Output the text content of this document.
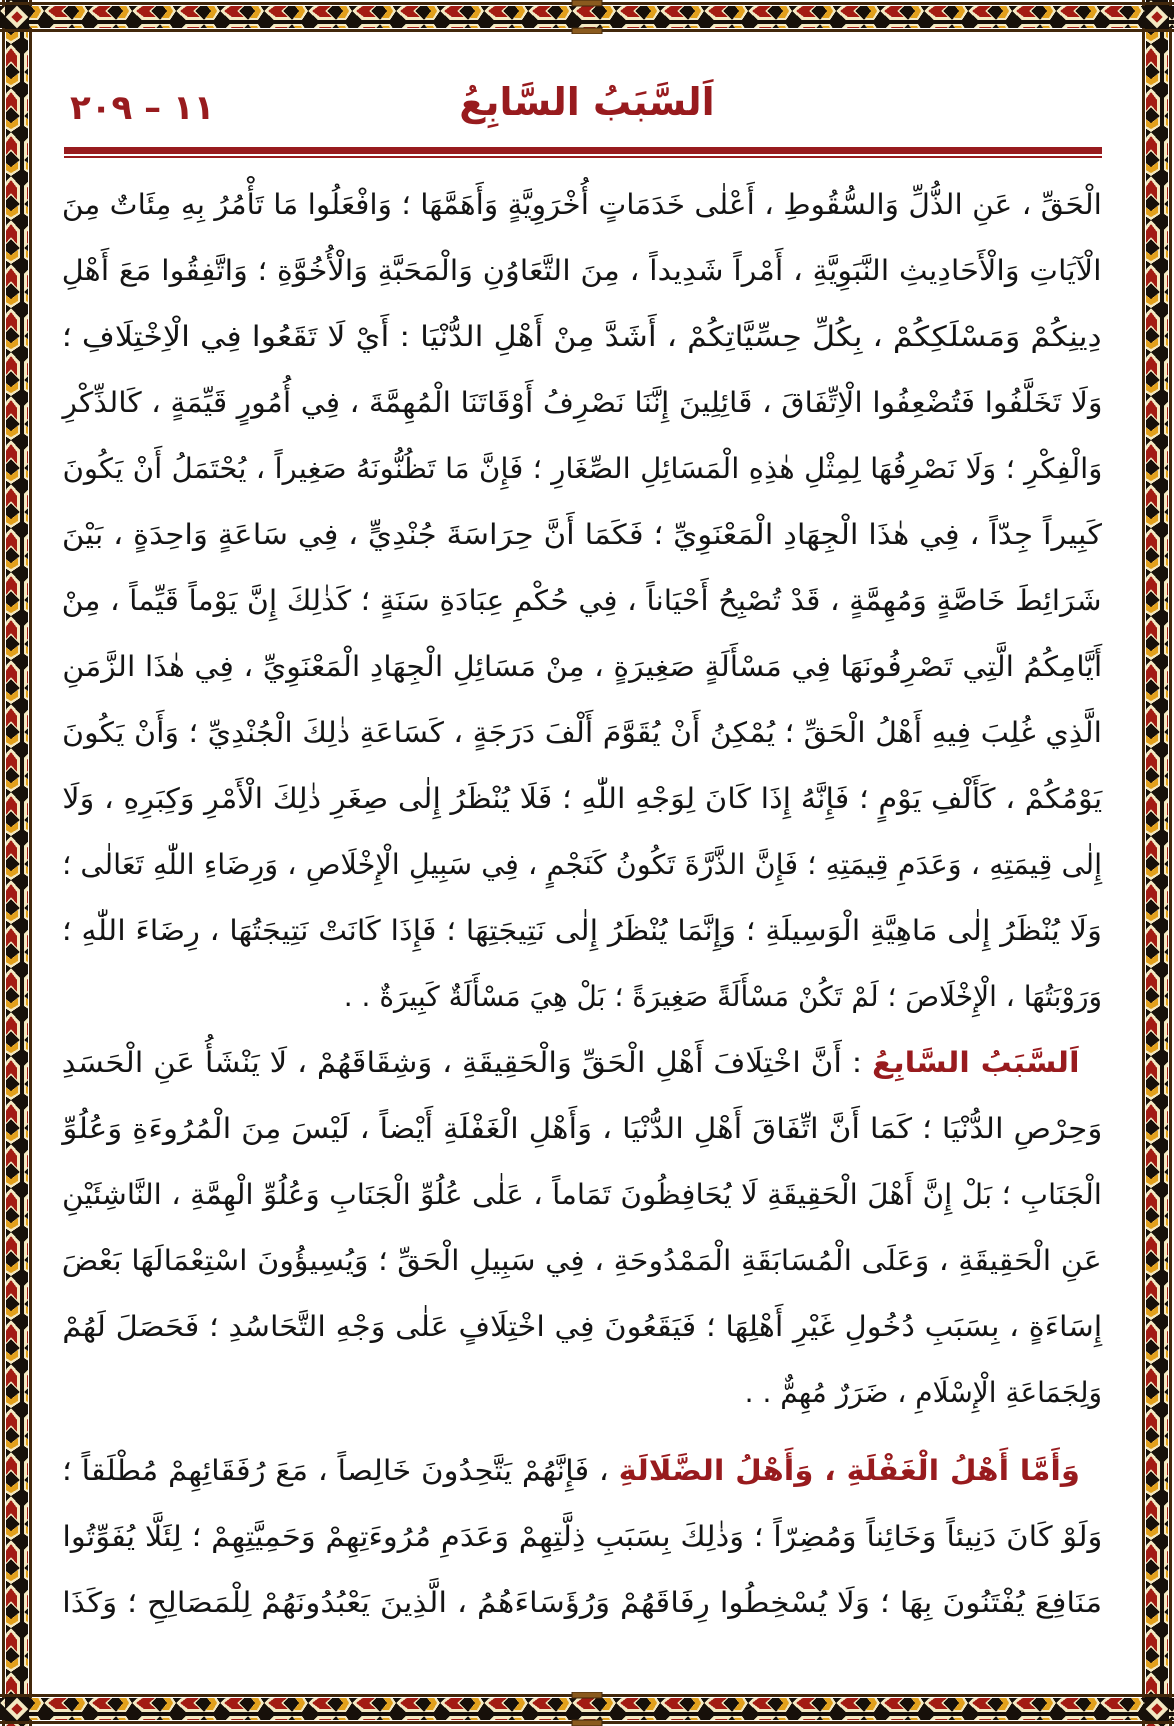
١١ – ٢٠٩	اَلسَّبَبُ السَّابِعُ
الْحَقِّ ، عَنِ الذُّلِّ وَالسُّقُوطِ ، أَعْلٰى خَدَمَاتٍ أُخْرَوِيَّةٍ وَأَهَمَّهَا ؛ وَافْعَلُوا مَا تَأْمُرُ بِهِ مِئَاتٌ مِنَ
الْآيَاتِ وَالْأَحَادِيثِ النَّبَوِيَّةِ ، أَمْراً شَدِيداً ، مِنَ التَّعَاوُنِ وَالْمَحَبَّةِ وَالْأُخُوَّةِ ؛ وَاتَّفِقُوا مَعَ أَهْلِ
دِينِكُمْ وَمَسْلَكِكُمْ ، بِكُلِّ حِسِّيَّاتِكُمْ ، أَشَدَّ مِنْ أَهْلِ الدُّنْيَا : أَيْ لَا تَقَعُوا فِي الْاِخْتِلَافِ ؛
وَلَا تَخَلَّفُوا فَتُضْعِفُوا الْاِتِّفَاقَ ، قَائِلِينَ إِنَّنَا نَصْرِفُ أَوْقَاتَنَا الْمُهِمَّةَ ، فِي أُمُورٍ قَيِّمَةٍ ، كَالذِّكْرِ
وَالْفِكْرِ ؛ وَلَا نَصْرِفُهَا لِمِثْلِ هٰذِهِ الْمَسَائِلِ الصِّغَارِ ؛ فَإِنَّ مَا تَظُنُّونَهُ صَغِيراً ، يُحْتَمَلُ أَنْ يَكُونَ
كَبِيراً جِدّاً ، فِي هٰذَا الْجِهَادِ الْمَعْنَوِيِّ ؛ فَكَمَا أَنَّ حِرَاسَةَ جُنْدِيٍّ ، فِي سَاعَةٍ وَاحِدَةٍ ، بَيْنَ
شَرَائِطَ خَاصَّةٍ وَمُهِمَّةٍ ، قَدْ تُصْبِحُ أَحْيَاناً ، فِي حُكْمِ عِبَادَةِ سَنَةٍ ؛ كَذٰلِكَ إِنَّ يَوْماً قَيِّماً ، مِنْ
أَيَّامِكُمُ الَّتِي تَصْرِفُونَهَا فِي مَسْأَلَةٍ صَغِيرَةٍ ، مِنْ مَسَائِلِ الْجِهَادِ الْمَعْنَوِيِّ ، فِي هٰذَا الزَّمَنِ
الَّذِي غُلِبَ فِيهِ أَهْلُ الْحَقِّ ؛ يُمْكِنُ أَنْ يُقَوَّمَ أَلْفَ دَرَجَةٍ ، كَسَاعَةِ ذٰلِكَ الْجُنْدِيِّ ؛ وَأَنْ يَكُونَ
يَوْمُكُمْ ، كَأَلْفِ يَوْمٍ ؛ فَإِنَّهُ إِذَا كَانَ لِوَجْهِ اللّٰهِ ؛ فَلَا يُنْظَرُ إِلٰى صِغَرِ ذٰلِكَ الْأَمْرِ وَكِبَرِهِ ، وَلَا
إِلٰى قِيمَتِهِ ، وَعَدَمِ قِيمَتِهِ ؛ فَإِنَّ الذَّرَّةَ تَكُونُ كَنَجْمٍ ، فِي سَبِيلِ الْإِخْلَاصِ ، وَرِضَاءِ اللّٰهِ تَعَالٰى ؛
وَلَا يُنْظَرُ إِلٰى مَاهِيَّةِ الْوَسِيلَةِ ؛ وَإِنَّمَا يُنْظَرُ إِلٰى نَتِيجَتِهَا ؛ فَإِذَا كَانَتْ نَتِيجَتُهَا ، رِضَاءَ اللّٰهِ ؛
وَرَوْبَتُهَا ، الْإِخْلَاصَ ؛ لَمْ تَكُنْ مَسْأَلَةً صَغِيرَةً ؛ بَلْ هِيَ مَسْأَلَةٌ كَبِيرَةٌ . .
اَلسَّبَبُ السَّابِعُ : أَنَّ اخْتِلَافَ أَهْلِ الْحَقِّ وَالْحَقِيقَةِ ، وَشِقَاقَهُمْ ، لَا يَنْشَأُ عَنِ الْحَسَدِ
وَحِرْصِ الدُّنْيَا ؛ كَمَا أَنَّ اتِّفَاقَ أَهْلِ الدُّنْيَا ، وَأَهْلِ الْغَفْلَةِ أَيْضاً ، لَيْسَ مِنَ الْمُرُوءَةِ وَعُلُوِّ
الْجَنَابِ ؛ بَلْ إِنَّ أَهْلَ الْحَقِيقَةِ لَا يُحَافِظُونَ تَمَاماً ، عَلٰى عُلُوِّ الْجَنَابِ وَعُلُوِّ الْهِمَّةِ ، النَّاشِئَيْنِ
عَنِ الْحَقِيقَةِ ، وَعَلَى الْمُسَابَقَةِ الْمَمْدُوحَةِ ، فِي سَبِيلِ الْحَقِّ ؛ وَيُسِيؤُونَ اسْتِعْمَالَهَا بَعْضَ
إِسَاءَةٍ ، بِسَبَبِ دُخُولِ غَيْرِ أَهْلِهَا ؛ فَيَقَعُونَ فِي اخْتِلَافٍ عَلٰى وَجْهِ التَّحَاسُدِ ؛ فَحَصَلَ لَهُمْ
وَلِجَمَاعَةِ الْإِسْلَامِ ، ضَرَرٌ مُهِمٌّ . .
وَأَمَّا أَهْلُ الْغَفْلَةِ ، وَأَهْلُ الضَّلَالَةِ ، فَإِنَّهُمْ يَتَّحِدُونَ خَالِصاً ، مَعَ رُفَقَائِهِمْ مُطْلَقاً ؛
وَلَوْ كَانَ دَنِيئاً وَخَائِناً وَمُضِرّاً ؛ وَذٰلِكَ بِسَبَبِ ذِلَّتِهِمْ وَعَدَمِ مُرُوءَتِهِمْ وَحَمِيَّتِهِمْ ؛ لِئَلَّا يُفَوِّتُوا
مَنَافِعَ يُفْتَنُونَ بِهَا ؛ وَلَا يُسْخِطُوا رِفَاقَهُمْ وَرُؤَسَاءَهُمُ ، الَّذِينَ يَعْبُدُونَهُمْ لِلْمَصَالِحِ ؛ وَكَذَا
